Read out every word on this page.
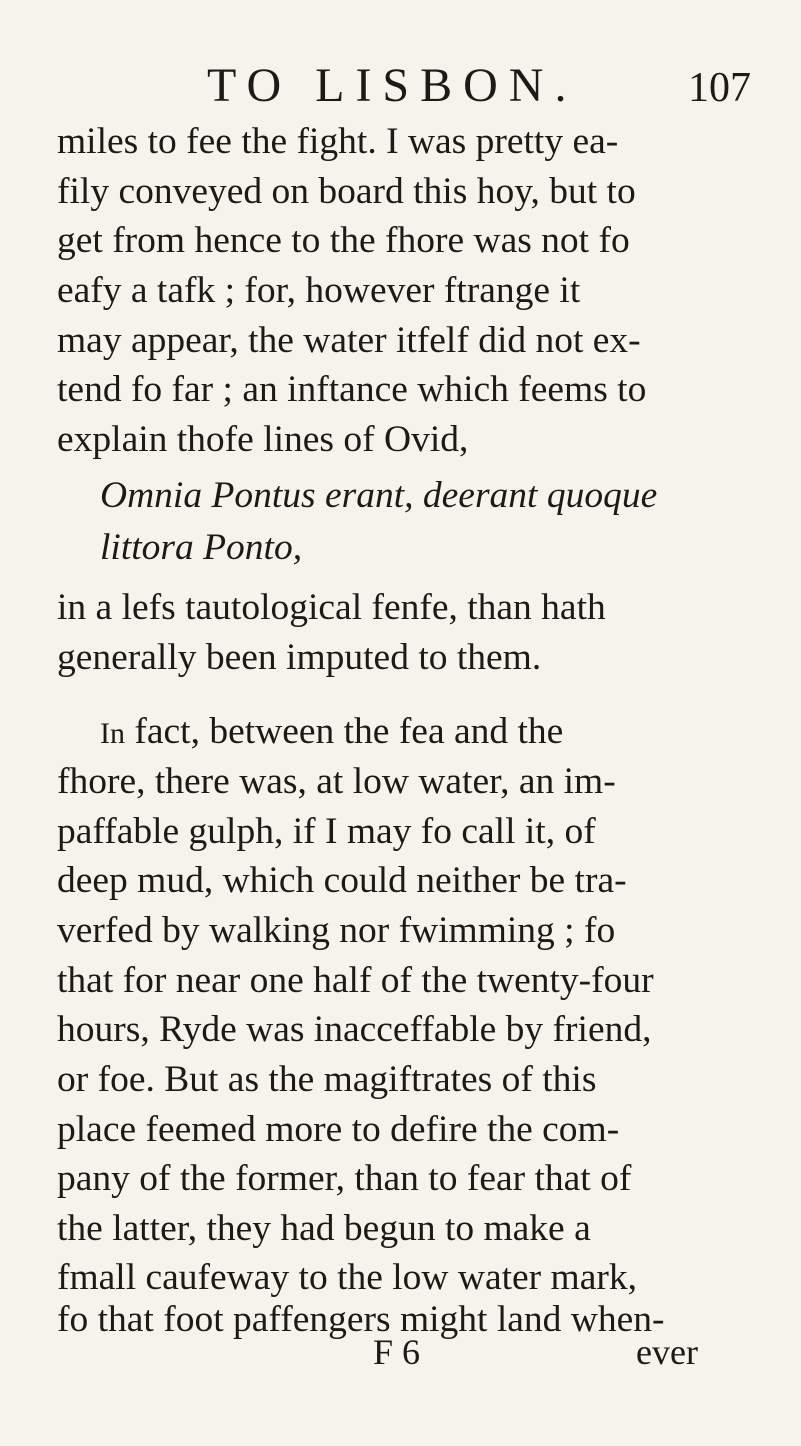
TO LISBON.	107
miles to fee the fight. I was pretty ea-
fily conveyed on board this hoy, but to
get from hence to the fhore was not fo
eafy a tafk ; for, however ftrange it
may appear, the water itfelf did not ex-
tend fo far ; an inftance which feems to
explain thofe lines of Ovid,
Omnia Pontus erant, deerant quoque
littora Ponto,
in a lefs tautological fenfe, than hath
generally been imputed to them.
In fact, between the fea and the
fhore, there was, at low water, an im-
paffable gulph, if I may fo call it, of
deep mud, which could neither be tra-
verfed by walking nor fwimming ; fo
that for near one half of the twenty-four
hours, Ryde was inacceffable by friend,
or foe. But as the magiftrates of this
place feemed more to defire the com-
pany of the former, than to fear that of
the latter, they had begun to make a
fmall caufeway to the low water mark,
fo that foot paffengers might land when-
F 6	ever
